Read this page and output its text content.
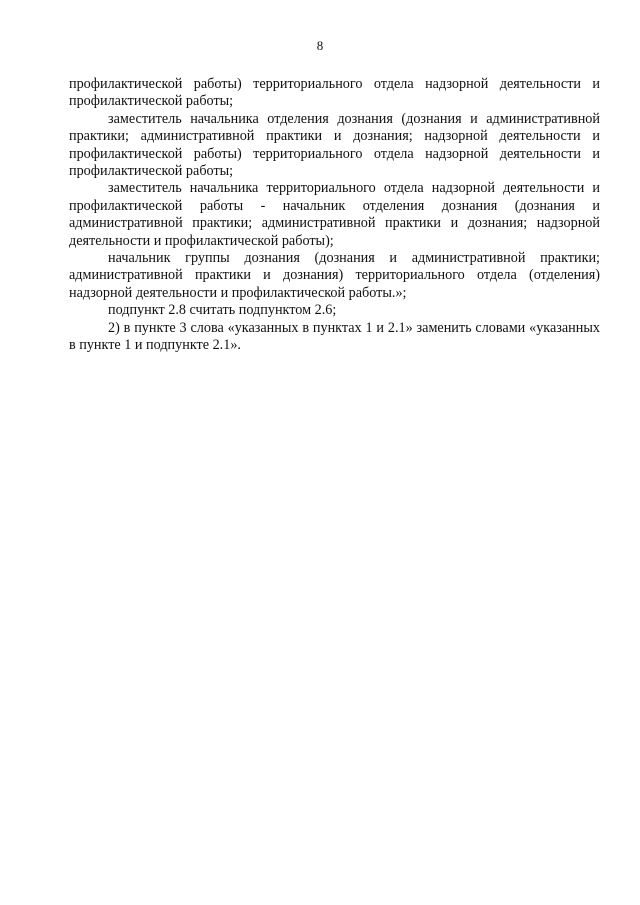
8

профилактической работы) территориального отдела надзорной деятельности и профилактической работы;

заместитель начальника отделения дознания (дознания и административной практики; административной практики и дознания; надзорной деятельности и профилактической работы) территориального отдела надзорной деятельности и профилактической работы;

заместитель начальника территориального отдела надзорной деятельности и профилактической работы - начальник отделения дознания (дознания и административной практики; административной практики и дознания; надзорной деятельности и профилактической работы);

начальник группы дознания (дознания и административной практики; административной практики и дознания) территориального отдела (отделения) надзорной деятельности и профилактической работы.»;

подпункт 2.8 считать подпунктом 2.6;

2) в пункте 3 слова «указанных в пунктах 1 и 2.1» заменить словами «указанных в пункте 1 и подпункте 2.1».
